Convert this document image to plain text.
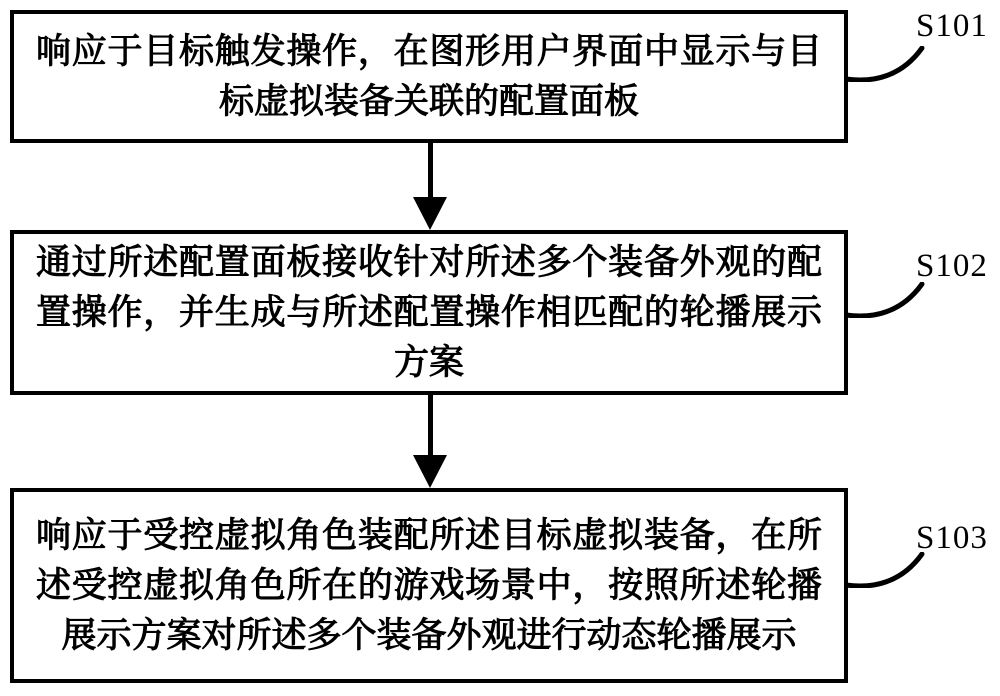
响应于目标触发操作，在图形用户界面中显示与目
标虚拟装备关联的配置面板
通过所述配置面板接收针对所述多个装备外观的配
置操作，并生成与所述配置操作相匹配的轮播展示
方案
响应于受控虚拟角色装配所述目标虚拟装备，在所
述受控虚拟角色所在的游戏场景中，按照所述轮播
展示方案对所述多个装备外观进行动态轮播展示
S101
S102
S103
